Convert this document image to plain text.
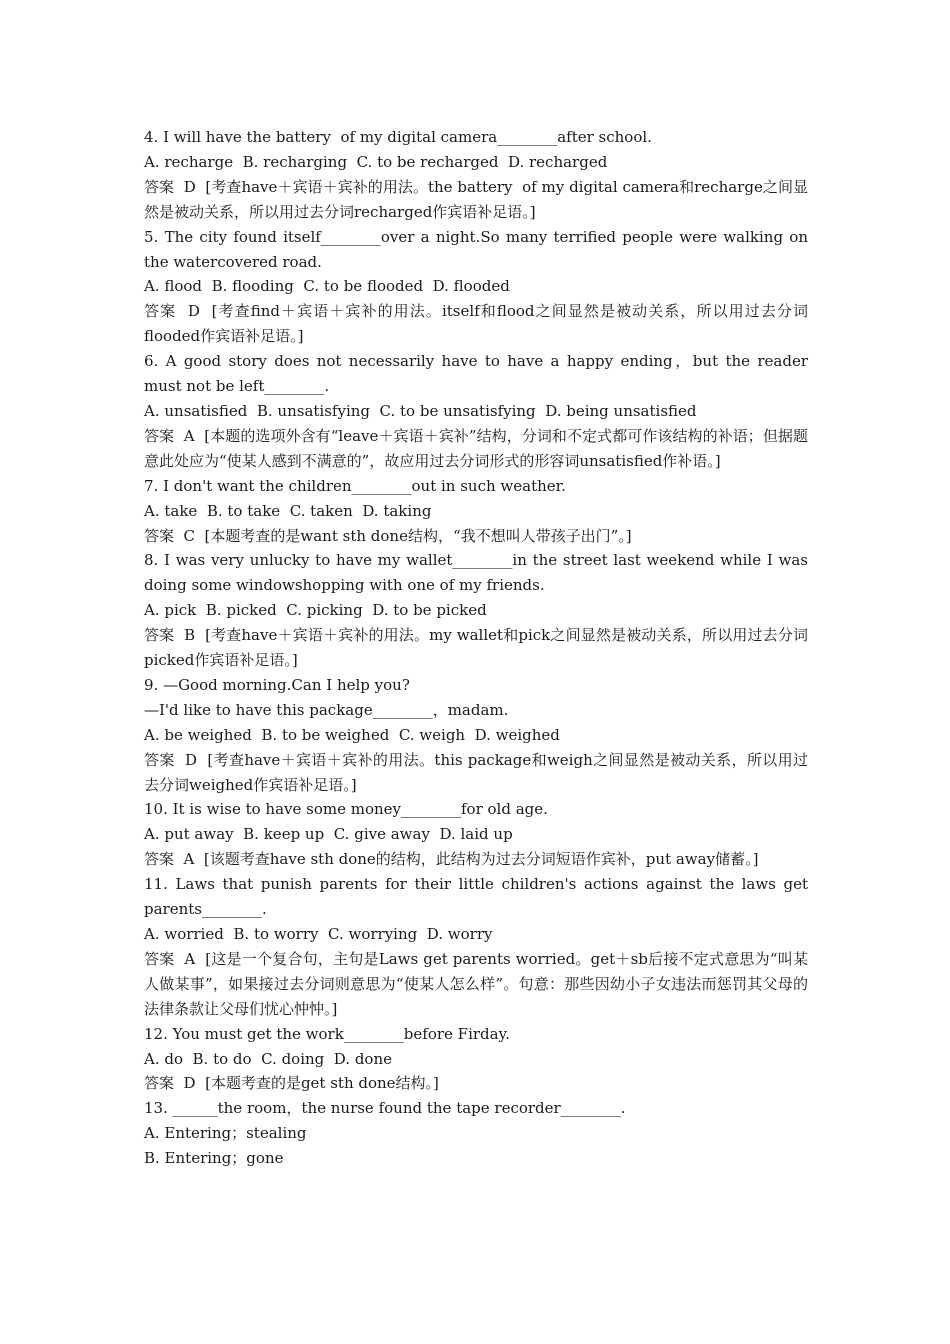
4. I will have the battery  of my digital camera________after school.

A. recharge  B. recharging  C. to be recharged  D. recharged

答案  D  [考查have＋宾语＋宾补的用法。the battery  of my digital camera和recharge之间显然是被动关系，所以用过去分词recharged作宾语补足语。]

5. The city found itself________over a night.So many terrified people were walking on the watercovered road.

A. flood  B. flooding  C. to be flooded  D. flooded

答案  D  [考查find＋宾语＋宾补的用法。itself和flood之间显然是被动关系，所以用过去分词flooded作宾语补足语。]

6. A good story does not necessarily have to have a happy ending，but the reader must not be left________.

A. unsatisfied  B. unsatisfying  C. to be unsatisfying  D. being unsatisfied

答案  A  [本题的选项外含有“leave＋宾语＋宾补”结构，分词和不定式都可作该结构的补语；但据题意此处应为“使某人感到不满意的”，故应用过去分词形式的形容词unsatisfied作补语。]

7. I don't want the children________out in such weather.

A. take  B. to take  C. taken  D. taking

答案  C  [本题考查的是want sth done结构，“我不想叫人带孩子出门”。]

8. I was very unlucky to have my wallet________in the street last weekend while I was doing some windowshopping with one of my friends.

A. pick  B. picked  C. picking  D. to be picked

答案  B  [考查have＋宾语＋宾补的用法。my wallet和pick之间显然是被动关系，所以用过去分词picked作宾语补足语。]

9. —Good morning.Can I help you?

—I'd like to have this package________，madam.

A. be weighed  B. to be weighed  C. weigh  D. weighed

答案  D  [考查have＋宾语＋宾补的用法。this package和weigh之间显然是被动关系，所以用过去分词weighed作宾语补足语。]

10. It is wise to have some money________for old age.

A. put away  B. keep up  C. give away  D. laid up

答案  A  [该题考查have sth done的结构，此结构为过去分词短语作宾补，put away储蓄。]

11. Laws that punish parents for their little children's actions against the laws get parents________.

A. worried  B. to worry  C. worrying  D. worry

答案  A  [这是一个复合句，主句是Laws get parents worried。get＋sb后接不定式意思为“叫某人做某事”，如果接过去分词则意思为“使某人怎么样”。句意：那些因幼小子女违法而惩罚其父母的法律条款让父母们忧心忡忡。]

12. You must get the work________before Firday.

A. do  B. to do  C. doing  D. done

答案  D  [本题考查的是get sth done结构。]

13. ______the room，the nurse found the tape recorder________.

A. Entering；stealing

B. Entering；gone
